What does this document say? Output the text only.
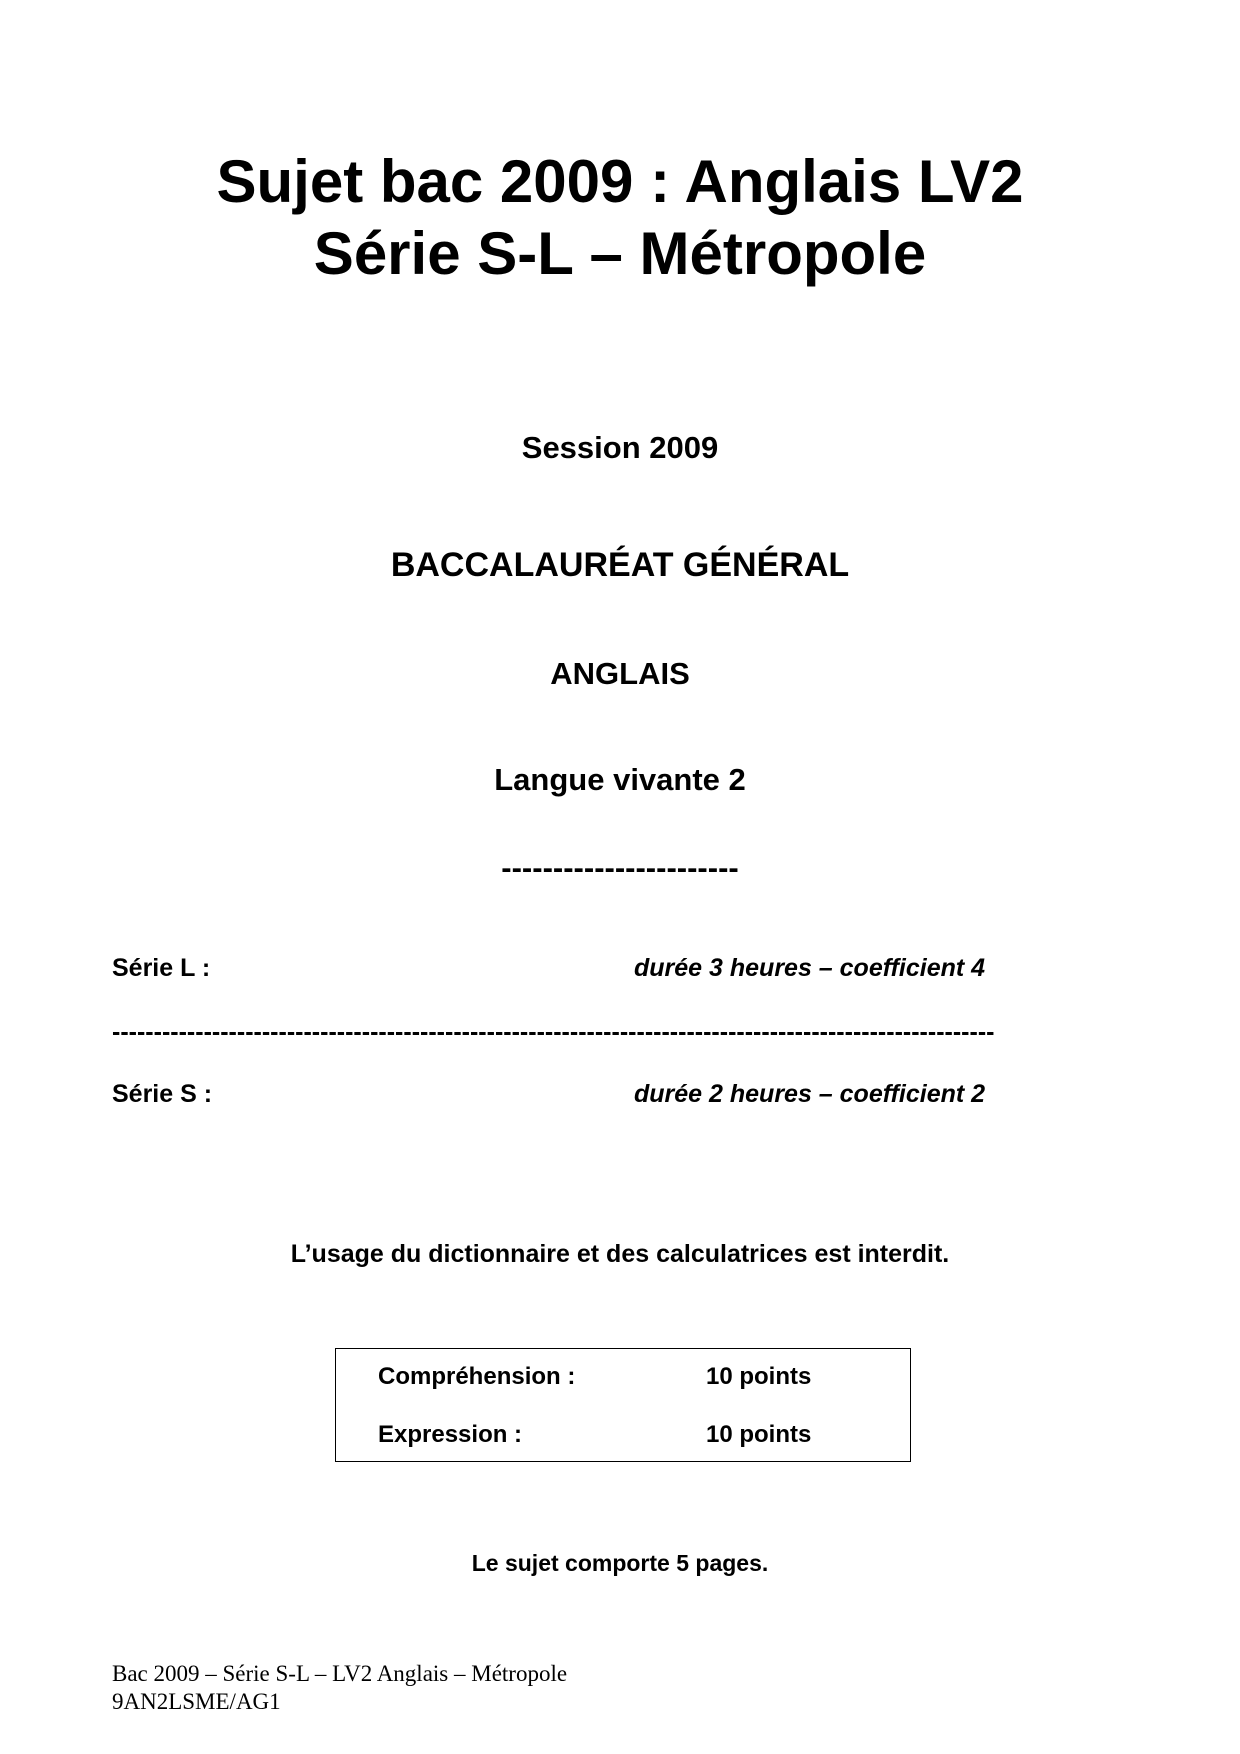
Sujet bac 2009 : Anglais LV2
Série S-L – Métropole
Session 2009
BACCALAURÉAT GÉNÉRAL
ANGLAIS
Langue vivante 2
-----------------------
Série L :	durée 3 heures – coefficient 4
----------------------------------------------------------------------------------------------------------
Série S :	durée 2 heures – coefficient 2
L’usage du dictionnaire et des calculatrices est interdit.
Compréhension :	10 points
Expression :	10 points
Le sujet comporte 5 pages.
Bac 2009 – Série S-L – LV2 Anglais – Métropole
9AN2LSME/AG1
